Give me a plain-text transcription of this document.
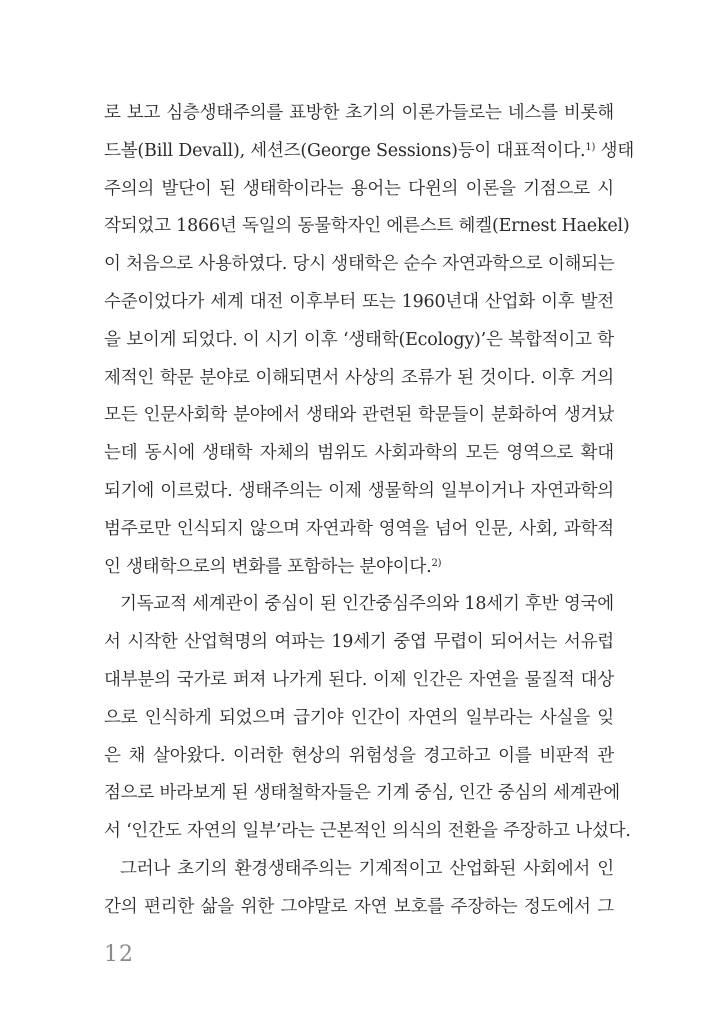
로 보고 심층생태주의를 표방한 초기의 이론가들로는 네스를 비롯해
드볼(Bill Devall), 세션즈(George Sessions)등이 대표적이다.$^{1)}$ 생태
주의의 발단이 된 생태학이라는 용어는 다윈의 이론을 기점으로 시
작되었고 1866년 독일의 동물학자인 에른스트 헤켈(Ernest Haekel)
이 처음으로 사용하였다. 당시 생태학은 순수 자연과학으로 이해되는
수준이었다가 세계 대전 이후부터 또는 1960년대 산업화 이후 발전
을 보이게 되었다. 이 시기 이후 ‘생태학(Ecology)’은 복합적이고 학
제적인 학문 분야로 이해되면서 사상의 조류가 된 것이다. 이후 거의
모든 인문사회학 분야에서 생태와 관련된 학문들이 분화하여 생겨났
는데 동시에 생태학 자체의 범위도 사회과학의 모든 영역으로 확대
되기에 이르렀다. 생태주의는 이제 생물학의 일부이거나 자연과학의
범주로만 인식되지 않으며 자연과학 영역을 넘어 인문, 사회, 과학적
인 생태학으로의 변화를 포함하는 분야이다.$^{2)}$
기독교적 세계관이 중심이 된 인간중심주의와 18세기 후반 영국에
서 시작한 산업혁명의 여파는 19세기 중엽 무렵이 되어서는 서유럽
대부분의 국가로 퍼져 나가게 된다. 이제 인간은 자연을 물질적 대상
으로 인식하게 되었으며 급기야 인간이 자연의 일부라는 사실을 잊
은 채 살아왔다. 이러한 현상의 위험성을 경고하고 이를 비판적 관
점으로 바라보게 된 생태철학자들은 기계 중심, 인간 중심의 세계관에
서 ‘인간도 자연의 일부’라는 근본적인 의식의 전환을 주장하고 나섰다.
그러나 초기의 환경생태주의는 기계적이고 산업화된 사회에서 인
간의 편리한 삶을 위한 그야말로 자연 보호를 주장하는 정도에서 그
12
